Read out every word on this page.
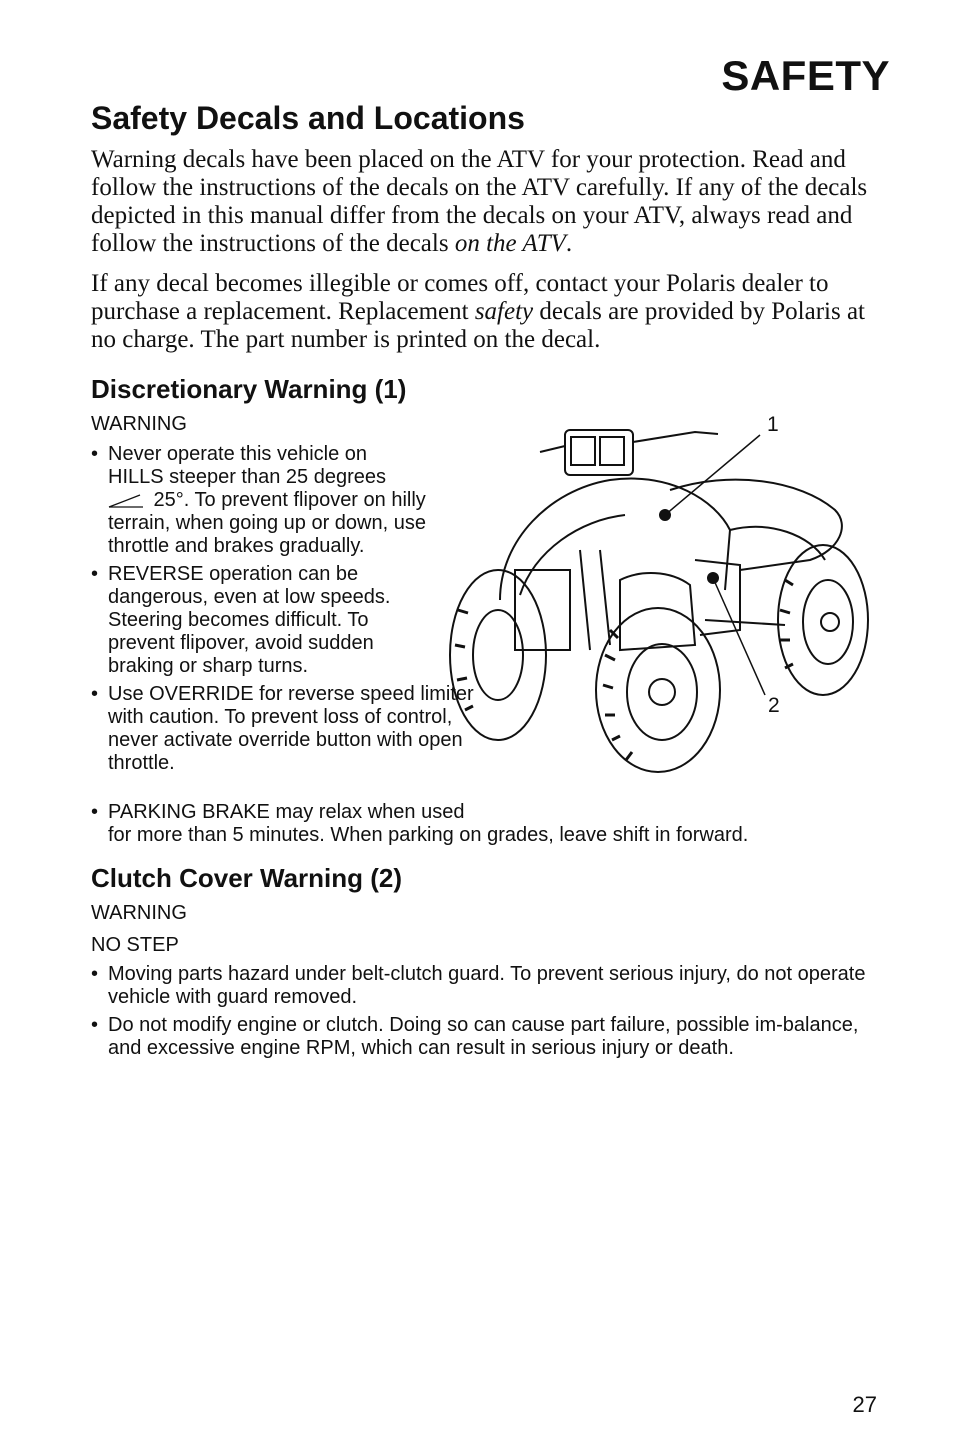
SAFETY
Safety Decals and Locations

Warning decals have been placed on the ATV for your protection. Read and follow the instructions of the decals on the ATV carefully. If any of the decals depicted in this manual differ from the decals on your ATV, always read and follow the instructions of the decals on the ATV.

If any decal becomes illegible or comes off, contact your Polaris dealer to purchase a replacement. Replacement safety decals are provided by Polaris at no charge. The part number is printed on the decal.

Discretionary Warning (1)
WARNING
• Never operate this vehicle on HILLS steeper than 25 degrees
25°. To prevent flipover on hilly terrain, when going up or down, use throttle and brakes gradually.
• REVERSE operation can be dangerous, even at low speeds. Steering becomes difficult. To prevent flipover, avoid sudden braking or sharp turns.
• Use OVERRIDE for reverse speed limiter with caution. To prevent loss of control, never activate override button with open throttle.
• PARKING BRAKE may relax when used
for more than 5 minutes. When parking on grades, leave shift in forward.
1
2
Clutch Cover Warning (2)
WARNING
NO STEP
• Moving parts hazard under belt-clutch guard. To prevent serious injury, do not operate vehicle with guard removed.
• Do not modify engine or clutch. Doing so can cause part failure, possible im-balance, and excessive engine RPM, which can result in serious injury or death.
27
